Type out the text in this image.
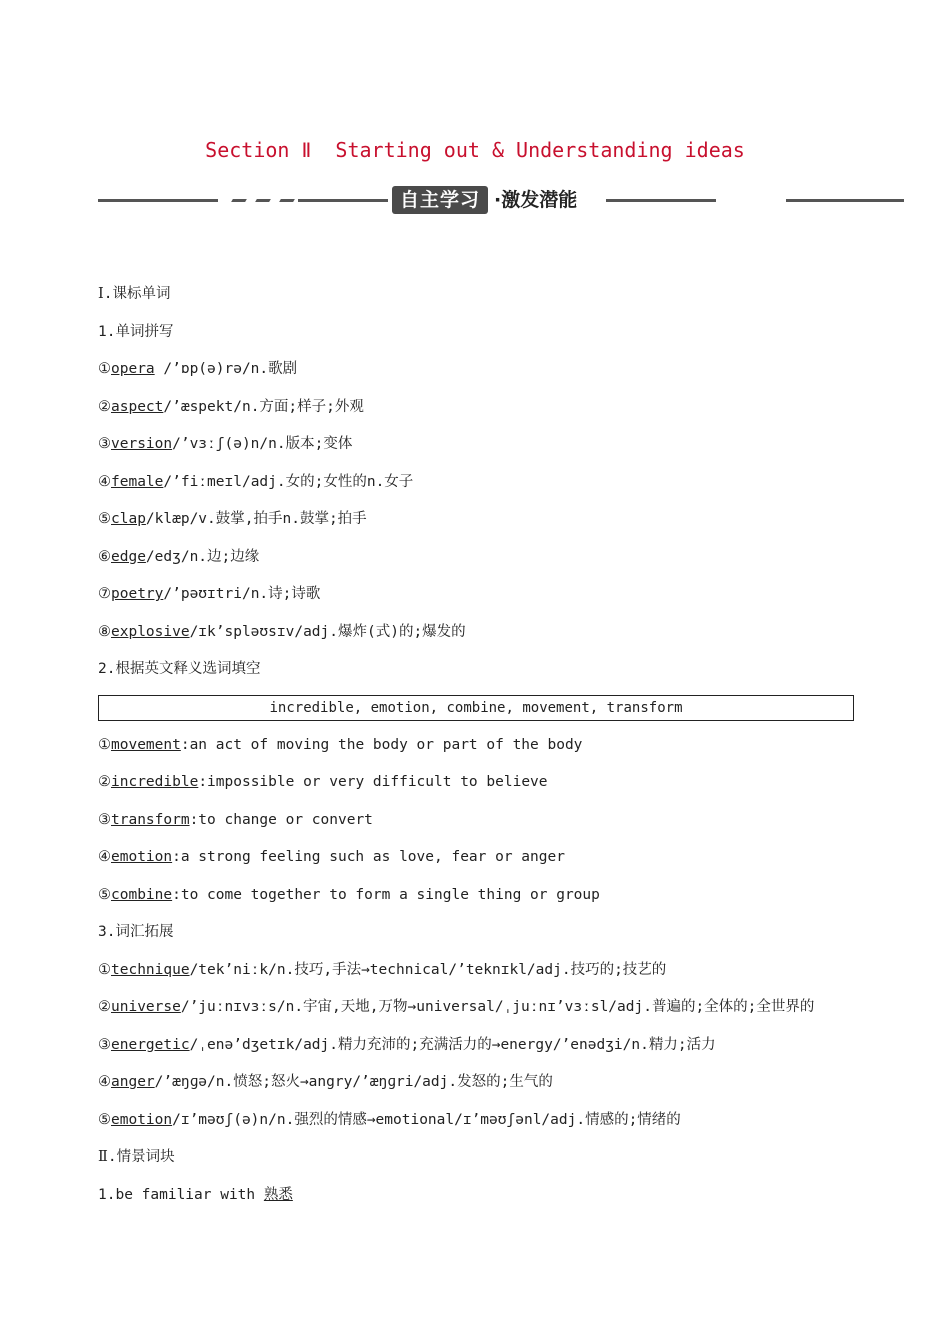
Section Ⅱ  Starting out & Understanding ideas
自主学习 ·激发潜能
Ⅰ.课标单词
1.单词拼写
①opera /’ɒp(ə)rə/n.歌剧
②aspect/’æspekt/n.方面;样子;外观
③version/’vɜːʃ(ə)n/n.版本;变体
④female/’fiːmeɪl/adj.女的;女性的n.女子
⑤clap/klæp/v.鼓掌,拍手n.鼓掌;拍手
⑥edge/edʒ/n.边;边缘
⑦poetry/’pəʊɪtri/n.诗;诗歌
⑧explosive/ɪk’spləʊsɪv/adj.爆炸(式)的;爆发的
2.根据英文释义选词填空
incredible, emotion, combine, movement, transform
①movement:an act of moving the body or part of the body
②incredible:impossible or very difficult to believe
③transform:to change or convert
④emotion:a strong feeling such as love, fear or anger
⑤combine:to come together to form a single thing or group
3.词汇拓展
①technique/tek’niːk/n.技巧,手法→technical/’teknɪkl/adj.技巧的;技艺的
②universe/’juːnɪvɜːs/n.宇宙,天地,万物→universal/ˌjuːnɪ’vɜːsl/adj.普遍的;全体的;全世界的
③energetic/ˌenə’dʒetɪk/adj.精力充沛的;充满活力的→energy/’enədʒi/n.精力;活力
④anger/’æŋɡə/n.愤怒;怒火→angry/’æŋɡri/adj.发怒的;生气的
⑤emotion/ɪ’məʊʃ(ə)n/n.强烈的情感→emotional/ɪ’məʊʃənl/adj.情感的;情绪的
Ⅱ.情景词块
1.be familiar with 熟悉
